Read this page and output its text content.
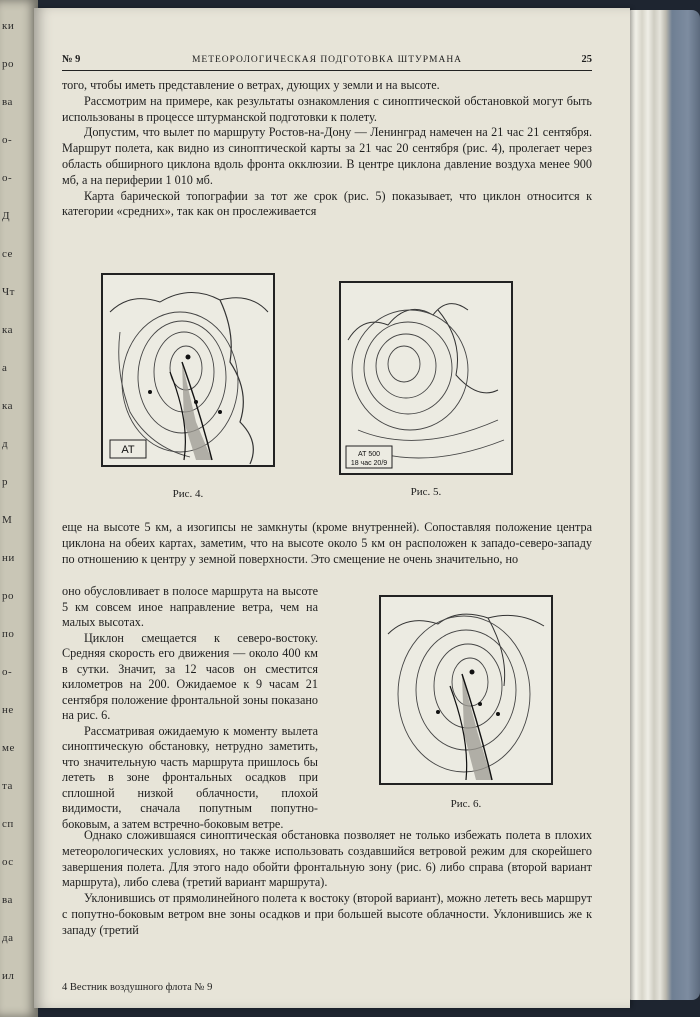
ки
ро
ва
о-
о-
Д
се
Чт
ка
а
ка
д
р
М
ни
ро
по
о-
не
ме
та
сп
ос
ва
да
ил
№ 9	МЕТЕОРОЛОГИЧЕСКАЯ ПОДГОТОВКА ШТУРМАНА	25

того, чтобы иметь представление о ветрах, дующих у земли и на высоте.

Рассмотрим на примере, как результаты ознакомления с синоптической обстановкой могут быть использованы в процессе штурманской подготовки к полету.

Допустим, что вылет по маршруту Ростов-на-Дону — Ленинград намечен на 21 час 21 сентября. Маршрут полета, как видно из синоптической карты за 21 час 20 сентября (рис. 4), пролегает через область обширного циклона вдоль фронта окклюзии. В центре циклона давление воздуха менее 900 мб, а на периферии 1 010 мб.

Карта барической топографии за тот же срок (рис. 5) показывает, что циклон относится к категории «средних», так как он прослеживается

AT
Рис. 4.
АТ 500
18 час 20/9
Рис. 5.

еще на высоте 5 км, а изогипсы не замкнуты (кроме внутренней). Сопоставляя положение центра циклона на обеих картах, заметим, что на высоте около 5 км он расположен к западо-северо-западу по отношению к центру у земной поверхности. Это смещение не очень значительно, но

оно обусловливает в полосе маршрута на высоте 5 км совсем иное направление ветра, чем на малых высотах.

Циклон смещается к северо-востоку. Средняя скорость его движения — около 400 км в сутки. Значит, за 12 часов он сместится километров на 200. Ожидаемое к 9 часам 21 сентября положение фронтальной зоны показано на рис. 6.

Рассматривая ожидаемую к моменту вылета синоптическую обстановку, нетрудно заметить, что значительную часть маршрута пришлось бы лететь в зоне фронтальных осадков при сплошной низкой облачности, плохой видимости, сначала попутным попутно-боковым, а затем встречно-боковым ветре.

Рис. 6.

Однако сложившаяся синоптическая обстановка позволяет не только избежать полета в плохих метеорологических условиях, но также использовать создавшийся ветровой режим для скорейшего завершения полета. Для этого надо обойти фронтальную зону (рис. 6) либо справа (второй вариант маршрута), либо слева (третий вариант маршрута).

Уклонившись от прямолинейного полета к востоку (второй вариант), можно лететь весь маршрут с попутно-боковым ветром вне зоны осадков и при большей высоте облачности. Уклонившись же к западу (третий

4 Вестник воздушного флота № 9
